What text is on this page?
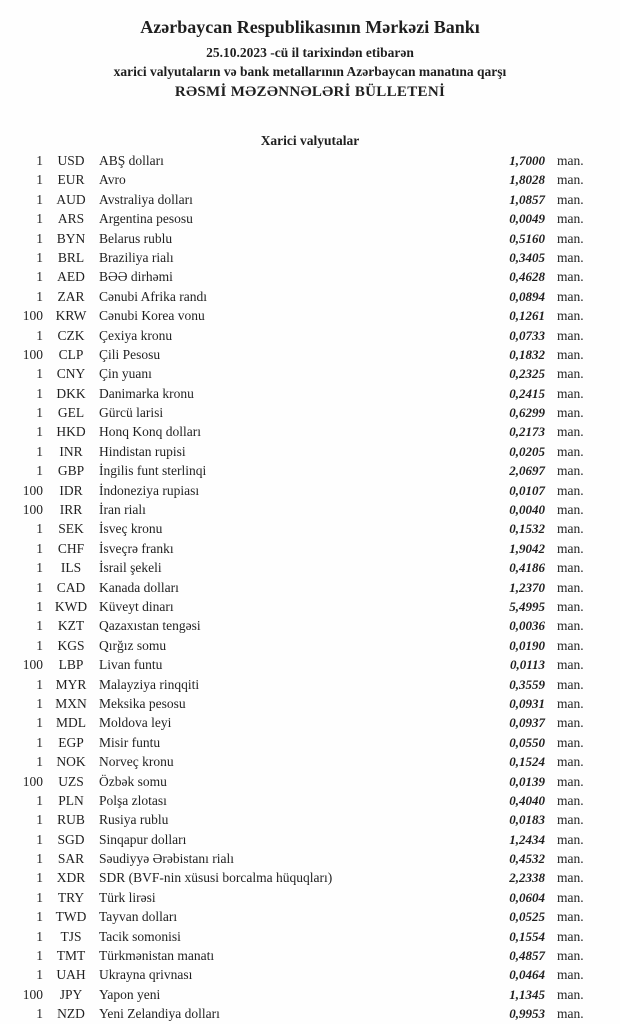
Azərbaycan Respublikasının Mərkəzi Bankı

25.10.2023 -cü il tarixindən etibarən

xarici valyutaların və bank metallarının Azərbaycan manatına qarşı

RƏSMİ MƏZƏNNƏLƏRİ BÜLLETENİ

Xarici valyutalar

1	USD	ABŞ dolları	1,7000 man.
1	EUR	Avro	1,8028 man.
1 AUD Avstraliya dolları	1,0857 man.
1	ARS	Argentina pesosu	0,0049 man.
1	BYN	Belarus rublu	0,5160 man.
1	BRL	Braziliya rialı	0,3405 man.
1	AED	BƏƏ dirhəmi	0,4628 man.
1	ZAR	Cənubi Afrika randı	0,0894 man.
100 KRW Cənubi Korea vonu	0,1261 man.
1	CZK	Çexiya kronu	0,0733 man.
100	CLP	Çili Pesosu	0,1832 man.
1	CNY	Çin yuanı	0,2325 man.
1 DKK Danimarka kronu	0,2415 man.
1	GEL	Gürcü larisi	0,6299 man.
1 HKD Honq Konq dolları	0,2173 man.
1	INR	Hindistan rupisi	0,0205 man.
1	GBP	İngilis funt sterlinqi	2,0697 man.
100	IDR	İndoneziya rupiası	0,0107 man.
100	IRR	İran rialı	0,0040 man.
1	SEK	İsveç kronu	0,1532 man.
1	CHF	İsveçrə frankı	1,9042 man.
1	ILS	İsrail şekeli	0,4186 man.
1	CAD	Kanada dolları	1,2370 man.
1 KWD Küveyt dinarı	5,4995 man.
1	KZT	Qazaxıstan tengəsi	0,0036 man.
1	KGS	Qırğız somu	0,0190 man.
100	LBP	Livan funtu	0,0113 man.
1 MYR Malayziya rinqqiti	0,3559 man.
1 MXN Meksika pesosu	0,0931 man.
1 MDL Moldova leyi	0,0937 man.
1	EGP	Misir funtu	0,0550 man.
1 NOK Norveç kronu	0,1524 man.
100	UZS	Özbək somu	0,0139 man.
1	PLN	Polşa zlotası	0,4040 man.
1	RUB	Rusiya rublu	0,0183 man.
1	SGD	Sinqapur dolları	1,2434 man.
1	SAR	Səudiyyə Ərəbistanı rialı	0,4532 man.
1	XDR	SDR (BVF-nin xüsusi borcalma hüquqları)	2,2338 man.
1	TRY	Türk lirəsi	0,0604 man.
1 TWD Tayvan dolları	0,0525 man.
1	TJS	Tacik somonisi	0,1554 man.
1	TMT	Türkmənistan manatı	0,4857 man.
1 UAH Ukrayna qrivnası	0,0464 man.
100	JPY	Yapon yeni	1,1345 man.
1	NZD	Yeni Zelandiya dolları	0,9953 man.
